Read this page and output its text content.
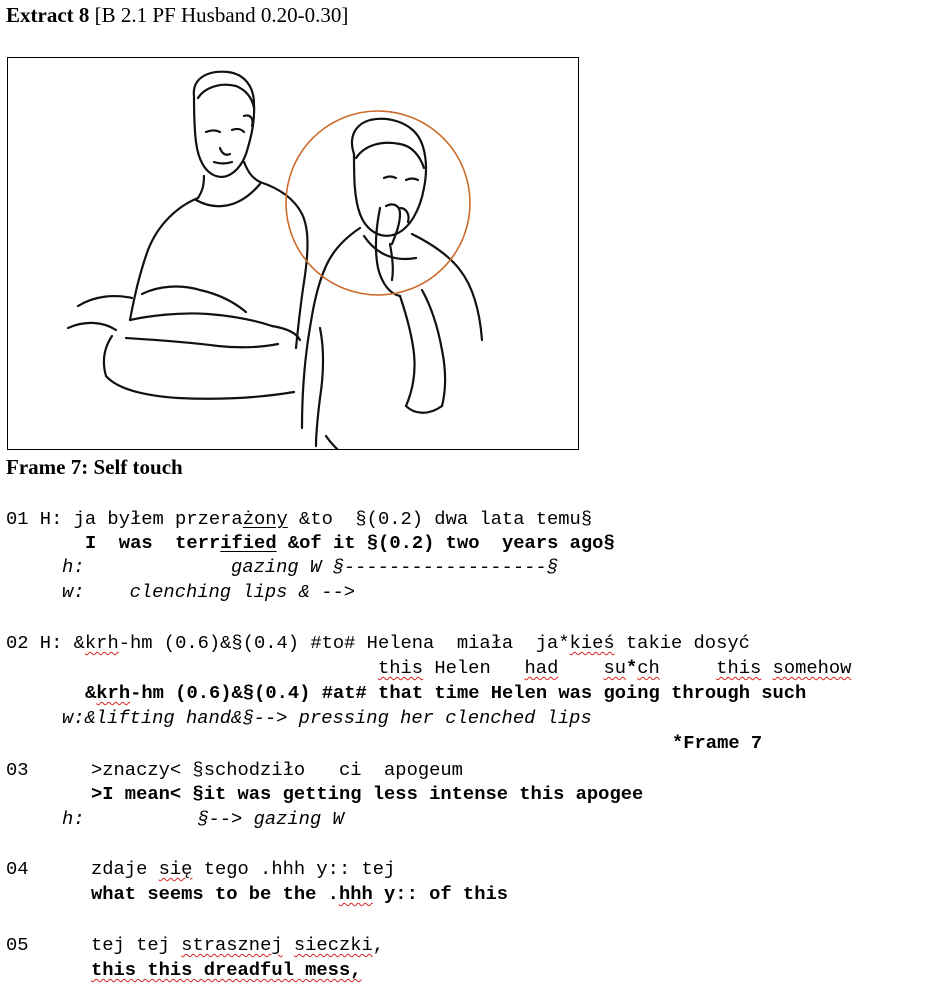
Extract 8 [B 2.1 PF Husband 0.20-0.30]
Frame 7: Self touch
01 H: ja byłem przerażony &to  §(0.2) dwa lata temu§
I  was  terrified &of it §(0.2) two  years ago§
h:             gazing W §------------------§
w:    clenching lips & -->
02 H: &krh-hm (0.6)&§(0.4) #to# Helena  miała  ja*kieś takie dosyć
this Helen   had su*ch	this somehow
&krh-hm (0.6)&§(0.4) #at# that time Helen was going through such
w:&lifting hand&§--> pressing her clenched lips
*Frame 7
03	>znaczy< §schodziło   ci  apogeum
>I mean< §it was getting less intense this apogee
h:          §--> gazing W
04	zdaje się tego .hhh y:: tej
what seems to be the .hhh y:: of this
05	tej tej strasznej sieczki,
this this dreadful mess,
